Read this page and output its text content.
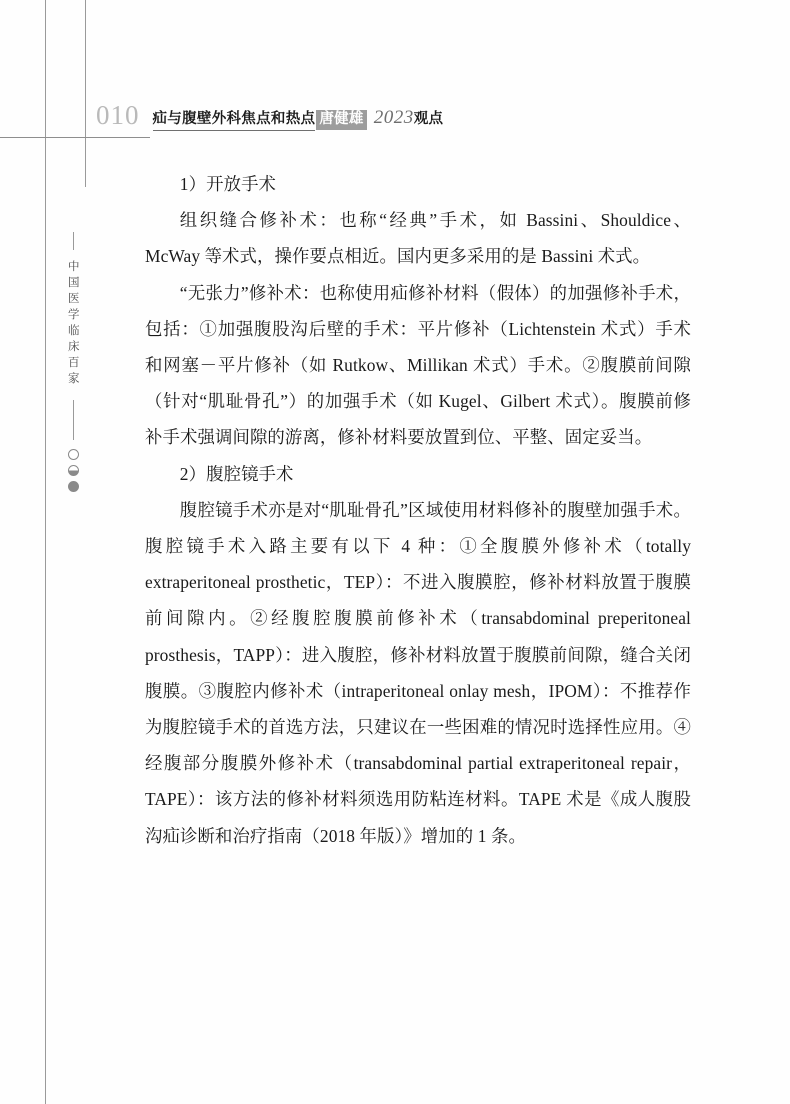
010 疝与腹壁外科焦点和热点 唐健雄 2023 观点
中国医学临床百家

1）开放手术

组织缝合修补术：也称“经典”手术，如 Bassini、Shouldice、McWay 等术式，操作要点相近。国内更多采用的是 Bassini 术式。

“无张力”修补术：也称使用疝修补材料（假体）的加强修补手术，包括：①加强腹股沟后壁的手术：平片修补（Lichtenstein 术式）手术和网塞－平片修补（如 Rutkow、Millikan 术式）手术。②腹膜前间隙（针对“肌耻骨孔”）的加强手术（如 Kugel、Gilbert 术式）。腹膜前修补手术强调间隙的游离，修补材料要放置到位、平整、固定妥当。

2）腹腔镜手术

腹腔镜手术亦是对“肌耻骨孔”区域使用材料修补的腹壁加强手术。腹腔镜手术入路主要有以下 4 种：①全腹膜外修补术（totally extraperitoneal prosthetic，TEP）：不进入腹膜腔，修补材料放置于腹膜前间隙内。②经腹腔腹膜前修补术（transabdominal preperitoneal prosthesis，TAPP）：进入腹腔，修补材料放置于腹膜前间隙，缝合关闭腹膜。③腹腔内修补术（intraperitoneal onlay mesh，IPOM）：不推荐作为腹腔镜手术的首选方法，只建议在一些困难的情况时选择性应用。④经腹部分腹膜外修补术（transabdominal partial extraperitoneal repair，TAPE）：该方法的修补材料须选用防粘连材料。TAPE 术是《成人腹股沟疝诊断和治疗指南（2018 年版）》增加的 1 条。
